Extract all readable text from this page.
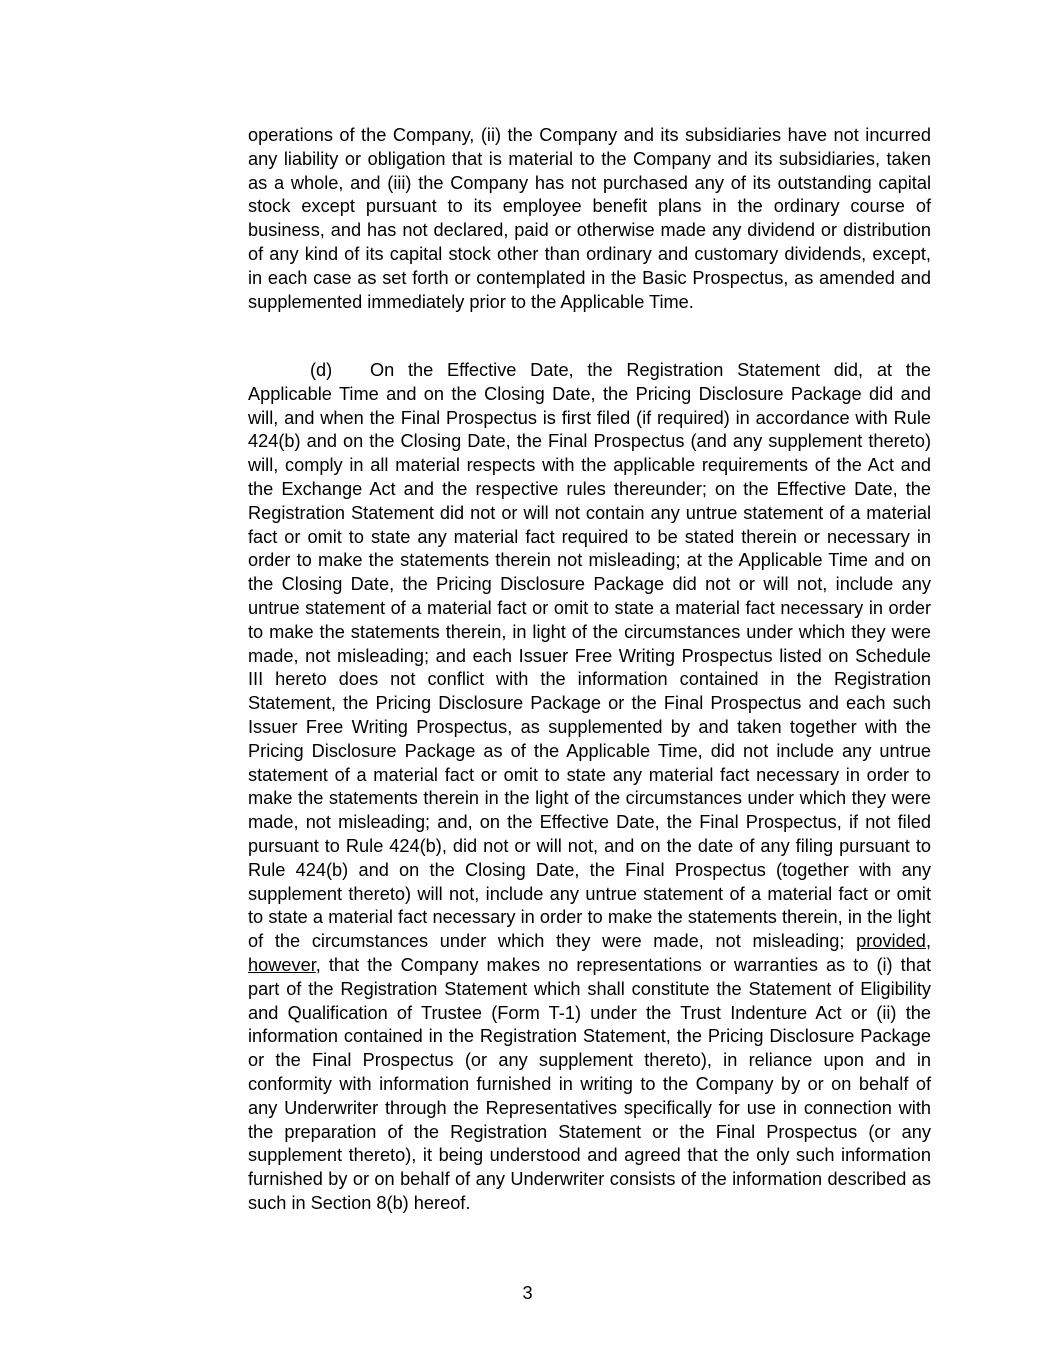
operations of the Company, (ii) the Company and its subsidiaries have not incurred any liability or obligation that is material to the Company and its subsidiaries, taken as a whole, and (iii) the Company has not purchased any of its outstanding capital stock except pursuant to its employee benefit plans in the ordinary course of business, and has not declared, paid or otherwise made any dividend or distribution of any kind of its capital stock other than ordinary and customary dividends, except, in each case as set forth or contemplated in the Basic Prospectus, as amended and supplemented immediately prior to the Applicable Time.

(d) On the Effective Date, the Registration Statement did, at the Applicable Time and on the Closing Date, the Pricing Disclosure Package did and will, and when the Final Prospectus is first filed (if required) in accordance with Rule 424(b) and on the Closing Date, the Final Prospectus (and any supplement thereto) will, comply in all material respects with the applicable requirements of the Act and the Exchange Act and the respective rules thereunder; on the Effective Date, the Registration Statement did not or will not contain any untrue statement of a material fact or omit to state any material fact required to be stated therein or necessary in order to make the statements therein not misleading; at the Applicable Time and on the Closing Date, the Pricing Disclosure Package did not or will not, include any untrue statement of a material fact or omit to state a material fact necessary in order to make the statements therein, in light of the circumstances under which they were made, not misleading; and each Issuer Free Writing Prospectus listed on Schedule III hereto does not conflict with the information contained in the Registration Statement, the Pricing Disclosure Package or the Final Prospectus and each such Issuer Free Writing Prospectus, as supplemented by and taken together with the Pricing Disclosure Package as of the Applicable Time, did not include any untrue statement of a material fact or omit to state any material fact necessary in order to make the statements therein in the light of the circumstances under which they were made, not misleading; and, on the Effective Date, the Final Prospectus, if not filed pursuant to Rule 424(b), did not or will not, and on the date of any filing pursuant to Rule 424(b) and on the Closing Date, the Final Prospectus (together with any supplement thereto) will not, include any untrue statement of a material fact or omit to state a material fact necessary in order to make the statements therein, in the light of the circumstances under which they were made, not misleading; provided, however, that the Company makes no representations or warranties as to (i) that part of the Registration Statement which shall constitute the Statement of Eligibility and Qualification of Trustee (Form T-1) under the Trust Indenture Act or (ii) the information contained in the Registration Statement, the Pricing Disclosure Package or the Final Prospectus (or any supplement thereto), in reliance upon and in conformity with information furnished in writing to the Company by or on behalf of any Underwriter through the Representatives specifically for use in connection with the preparation of the Registration Statement or the Final Prospectus (or any supplement thereto), it being understood and agreed that the only such information furnished by or on behalf of any Underwriter consists of the information described as such in Section 8(b) hereof.

3
